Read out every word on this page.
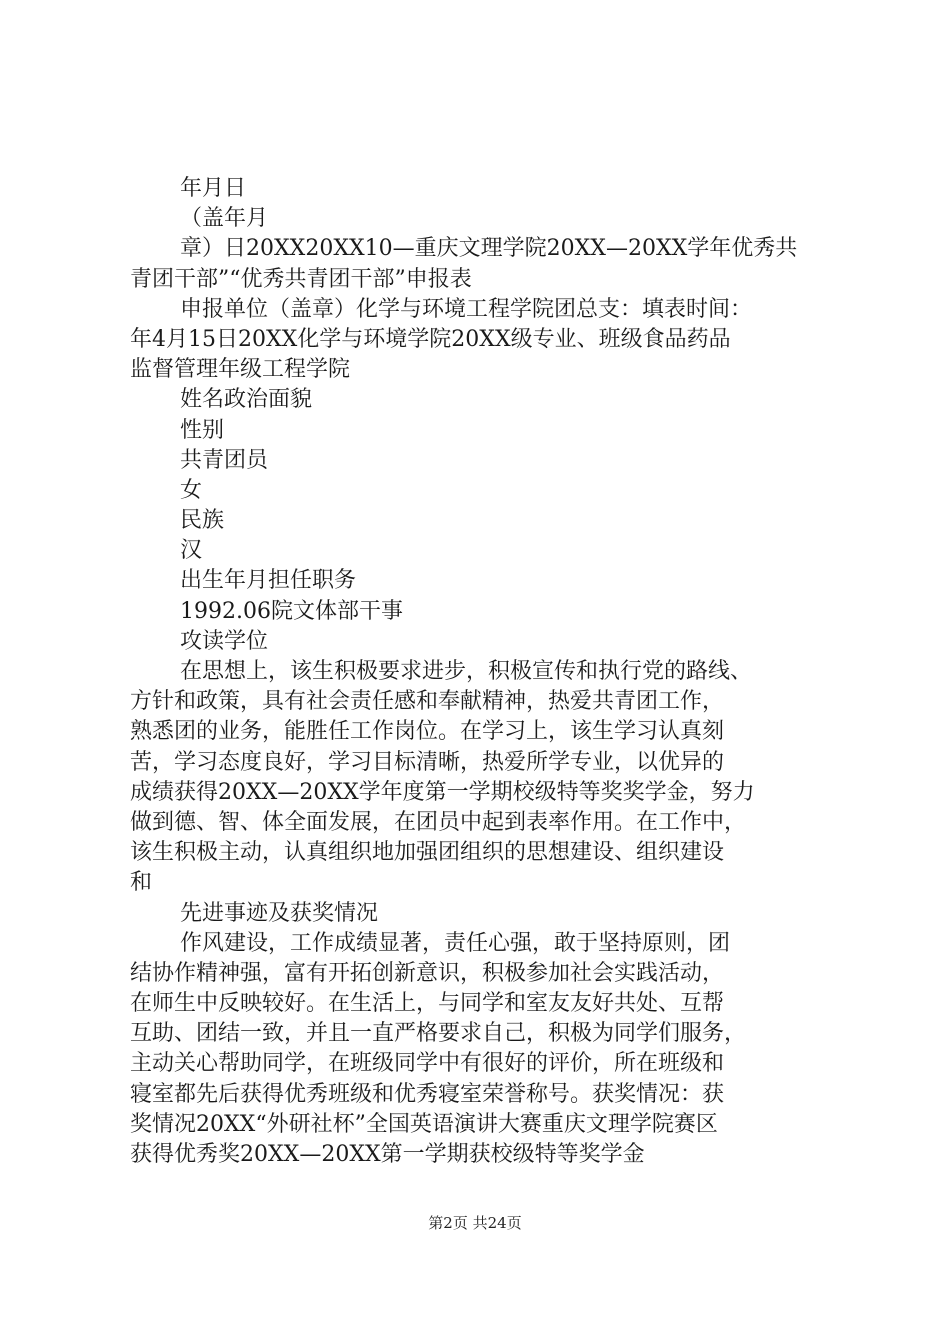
年月日
（盖年月
章）日20XX20XX10—重庆文理学院20XX—20XX学年优秀共
青团干部”“优秀共青团干部”申报表
申报单位（盖章）化学与环境工程学院团总支：填表时间：
年4月15日20XX化学与环境学院20XX级专业、班级食品药品
监督管理年级工程学院
姓名政治面貌
性别
共青团员
女
民族
汉
出生年月担任职务
1992.06院文体部干事
攻读学位
在思想上，该生积极要求进步，积极宣传和执行党的路线、
方针和政策，具有社会责任感和奉献精神，热爱共青团工作，
熟悉团的业务，能胜任工作岗位。在学习上，该生学习认真刻
苦，学习态度良好，学习目标清晰，热爱所学专业，以优异的
成绩获得20XX—20XX学年度第一学期校级特等奖奖学金，努力
做到德、智、体全面发展，在团员中起到表率作用。在工作中，
该生积极主动，认真组织地加强团组织的思想建设、组织建设
和
先进事迹及获奖情况
作风建设，工作成绩显著，责任心强，敢于坚持原则，团
结协作精神强，富有开拓创新意识，积极参加社会实践活动，
在师生中反映较好。在生活上，与同学和室友友好共处、互帮
互助、团结一致，并且一直严格要求自己，积极为同学们服务，
主动关心帮助同学，在班级同学中有很好的评价，所在班级和
寝室都先后获得优秀班级和优秀寝室荣誉称号。获奖情况：获
奖情况20XX“外研社杯”全国英语演讲大赛重庆文理学院赛区
获得优秀奖20XX—20XX第一学期获校级特等奖学金
第2页 共24页
